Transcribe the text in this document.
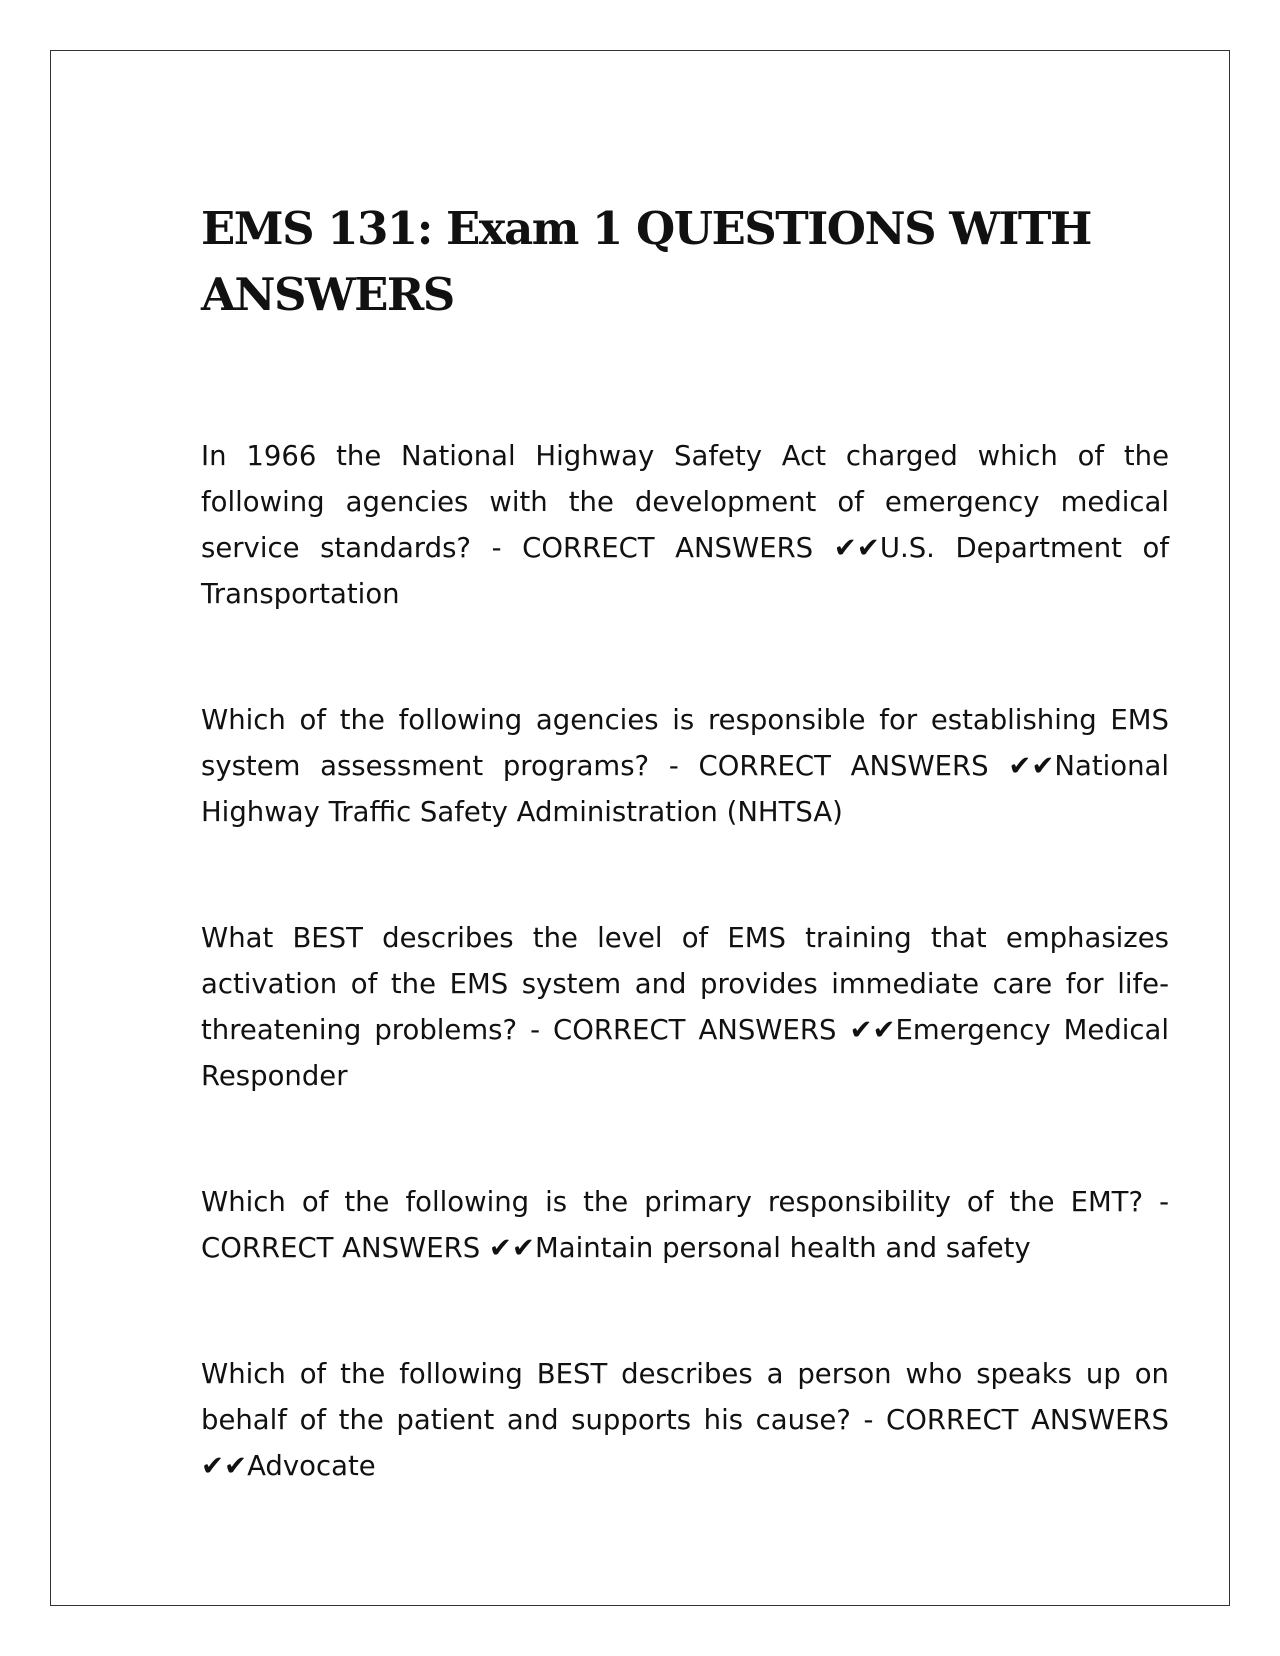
EMS 131: Exam 1 QUESTIONS WITH ANSWERS

In 1966 the National Highway Safety Act charged which of the following agencies with the development of emergency medical service standards? - CORRECT ANSWERS ✔✔U.S. Department of Transportation

Which of the following agencies is responsible for establishing EMS system assessment programs? - CORRECT ANSWERS ✔✔National Highway Traffic Safety Administration (NHTSA)

What BEST describes the level of EMS training that emphasizes activation of the EMS system and provides immediate care for life-threatening problems? - CORRECT ANSWERS ✔✔Emergency Medical Responder

Which of the following is the primary responsibility of the EMT? - CORRECT ANSWERS ✔✔Maintain personal health and safety

Which of the following BEST describes a person who speaks up on behalf of the patient and supports his cause? - CORRECT ANSWERS ✔✔Advocate
